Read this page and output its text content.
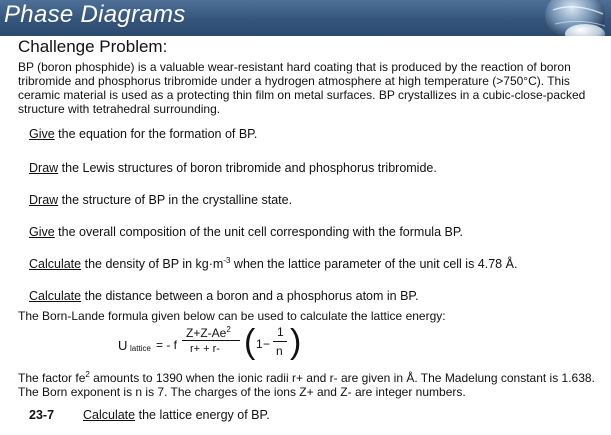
Phase Diagrams
Challenge Problem:
BP (boron phosphide) is a valuable wear-resistant hard coating that is produced by the reaction of boron tribromide and phosphorus tribromide under a hydrogen atmosphere at high temperature (>750°C). This ceramic material is used as a protecting thin film on metal surfaces. BP crystallizes in a cubic-close-packed structure with tetrahedral surrounding.
Give the equation for the formation of BP.
Draw the Lewis structures of boron tribromide and phosphorus tribromide.
Draw the structure of BP in the crystalline state.
Give the overall composition of the unit cell corresponding with the formula BP.
Calculate the density of BP in $kg\cdot m^{-3}$ when the lattice parameter of the unit cell is 4.78 Å.
Calculate the distance between a boron and a phosphorus atom in BP.
The Born-Lande formula given below can be used to calculate the lattice energy:
U lattice = - f
$Z+Z-Ae^2$
r+ + r- ( 1 −
1
n )
The factor $fe^2$ amounts to 1390 when the ionic radii r+ and r- are given in Å. The Madelung constant is 1.638. The Born exponent is n is 7. The charges of the ions Z+ and Z- are integer numbers.
23-7 Calculate the lattice energy of BP.
